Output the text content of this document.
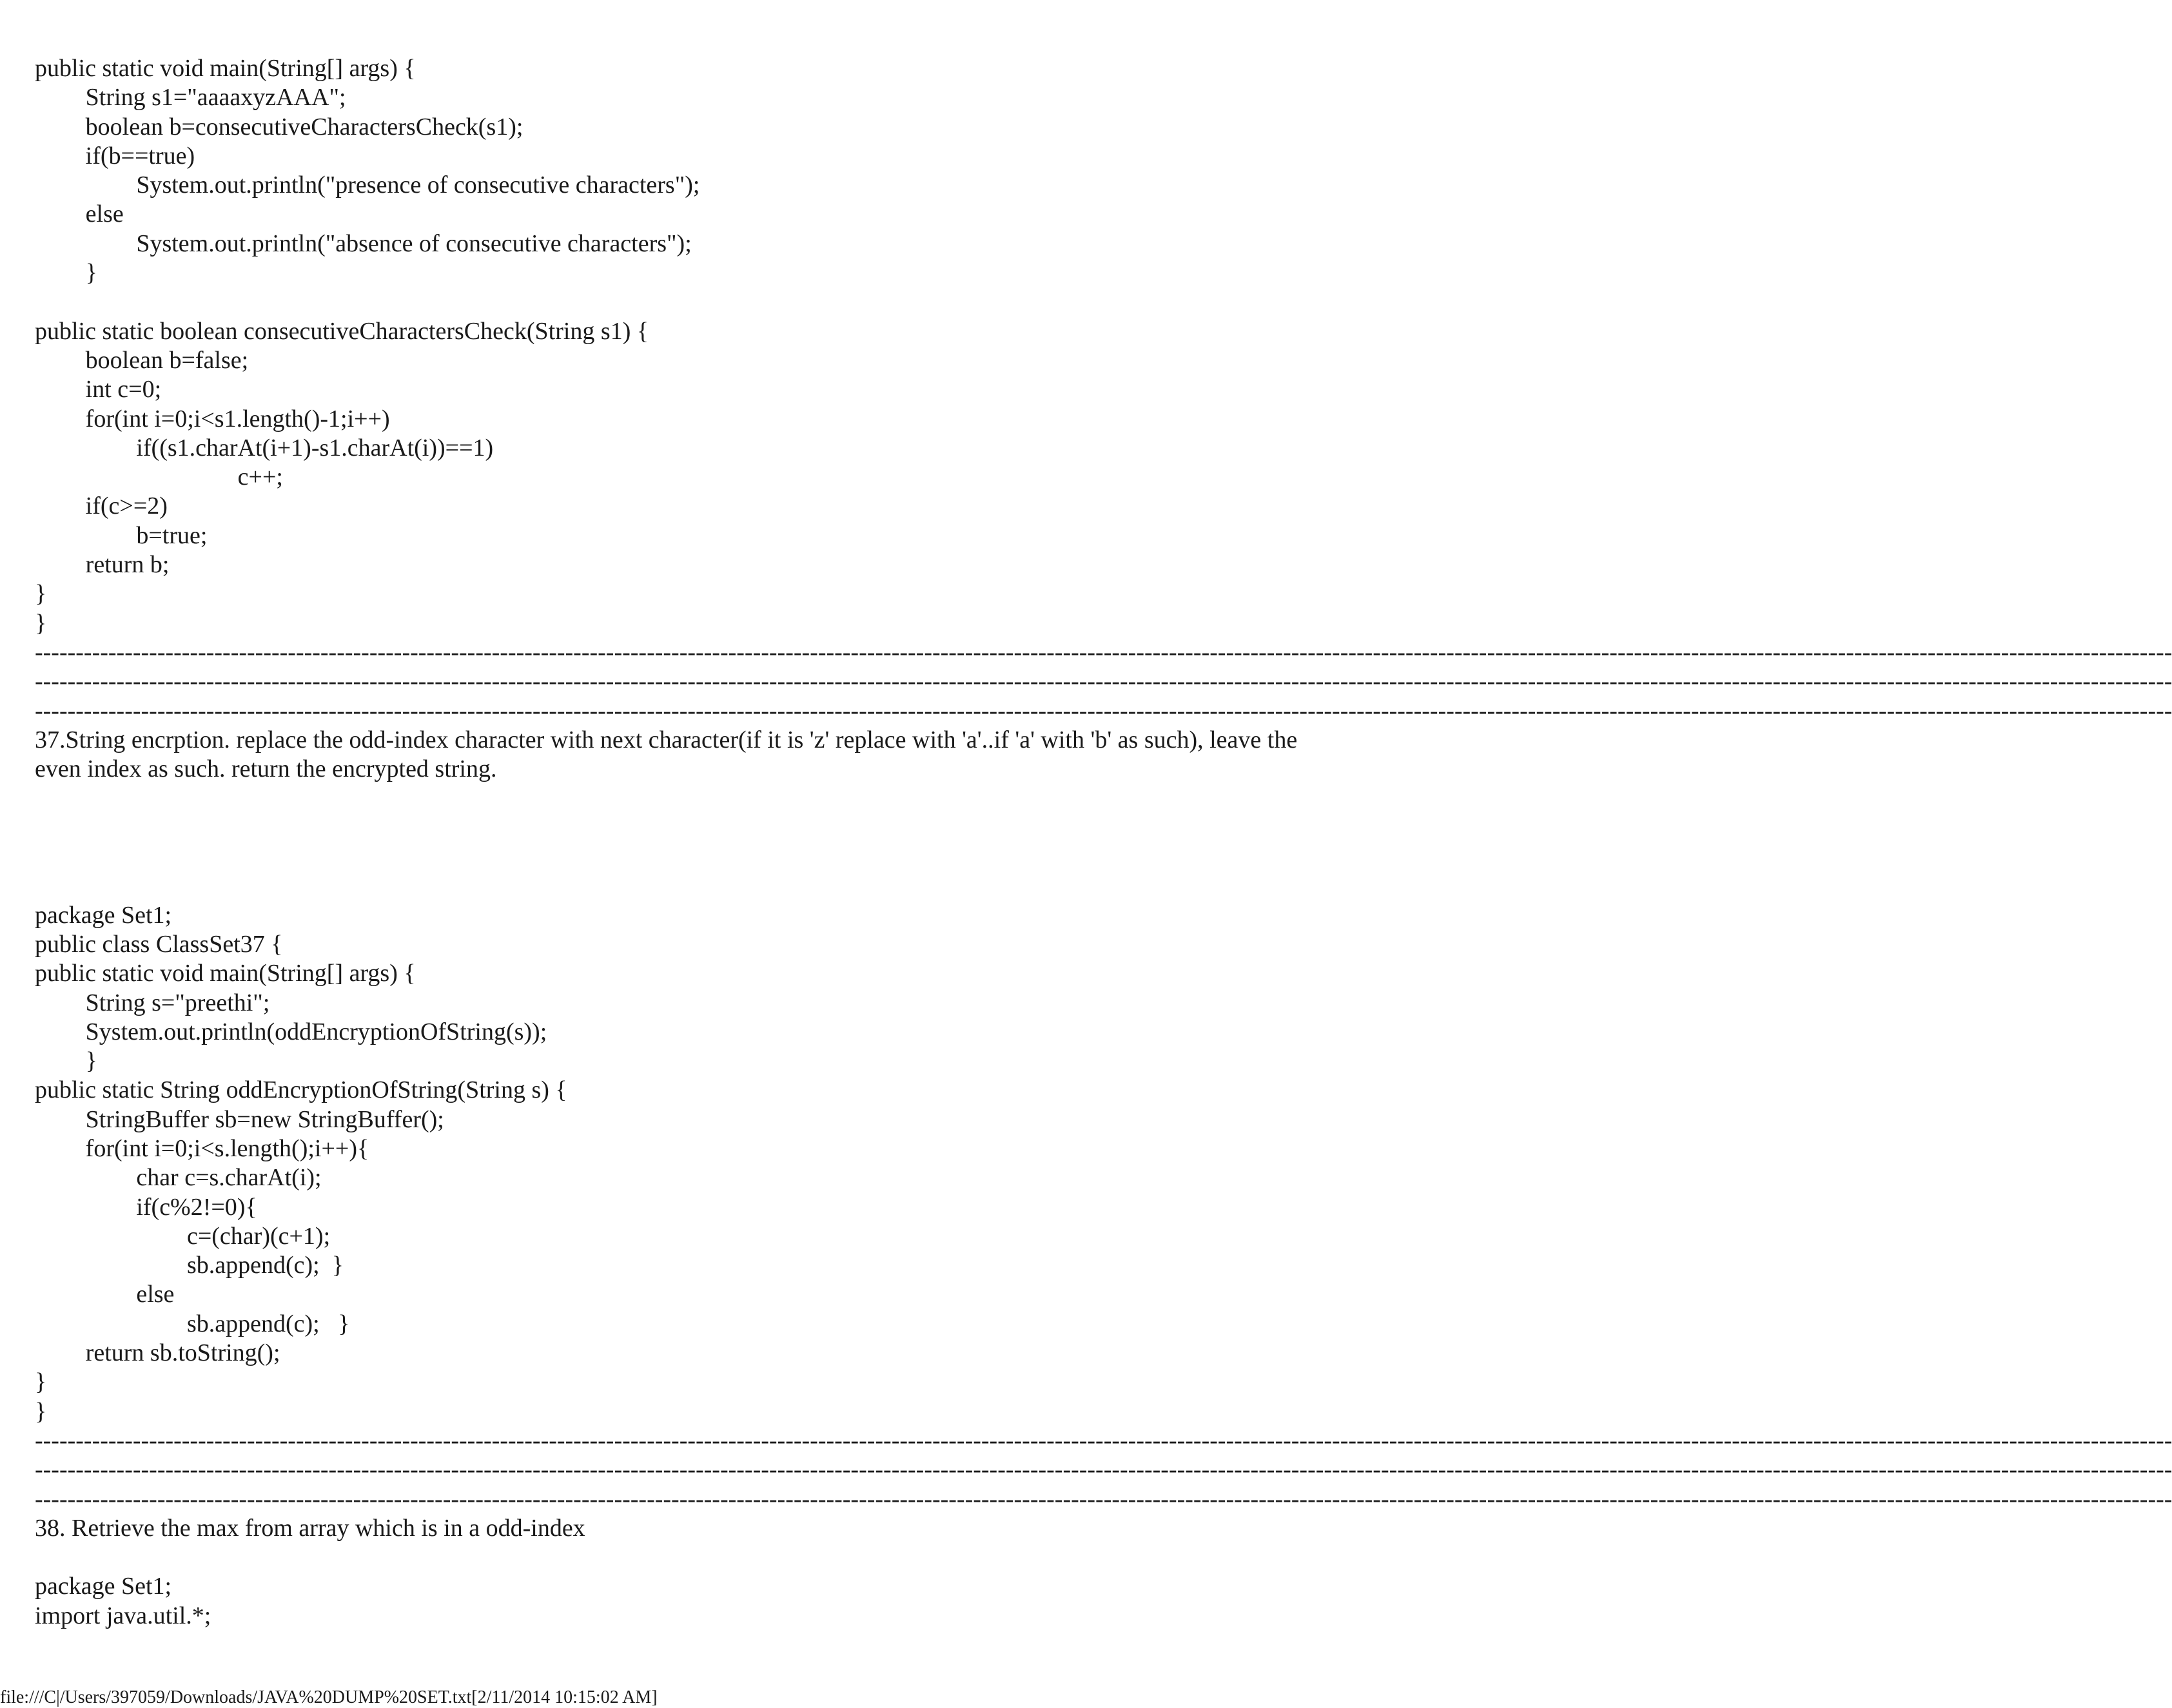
public static void main(String[] args) {
	String s1="aaaaxyzAAA";
	boolean b=consecutiveCharactersCheck(s1);
	if(b==true)
		System.out.println("presence of consecutive characters");
	else
		System.out.println("absence of consecutive characters");
	}
public static boolean consecutiveCharactersCheck(String s1) {
	boolean b=false;
	int c=0;
	for(int i=0;i<s1.length()-1;i++)
		if((s1.charAt(i+1)-s1.charAt(i))==1)
				c++;
	if(c>=2)
		b=true;
	return b;
}
}
----------------------------------------------------------------------------------------------------------------------------------------------------------------------------------------------------------------------------------------------------------------------
----------------------------------------------------------------------------------------------------------------------------------------------------------------------------------------------------------------------------------------------------------------------
----------------------------------------------------------------------------------------------------------------------------------------------------------------------------------------------------------------------------------------------------------------------
37.String encrption. replace the odd-index character with next character(if it is 'z' replace with 'a'..if 'a' with 'b' as such), leave the even index as such. return the encrypted string.
package Set1;
public class ClassSet37 {
public static void main(String[] args) {
	String s="preethi";
	System.out.println(oddEncryptionOfString(s));
	}
public static String oddEncryptionOfString(String s) {
	StringBuffer sb=new StringBuffer();
	for(int i=0;i<s.length();i++){
		char c=s.charAt(i);
		if(c%2!=0){
			c=(char)(c+1);
			sb.append(c);  }
		else
			sb.append(c);   }
	return sb.toString();
}
}
----------------------------------------------------------------------------------------------------------------------------------------------------------------------------------------------------------------------------------------------------------------------
----------------------------------------------------------------------------------------------------------------------------------------------------------------------------------------------------------------------------------------------------------------------
----------------------------------------------------------------------------------------------------------------------------------------------------------------------------------------------------------------------------------------------------------------------
38. Retrieve the max from array which is in a odd-index
package Set1;
import java.util.*;
file:///C|/Users/397059/Downloads/JAVA%20DUMP%20SET.txt[2/11/2014 10:15:02 AM]
